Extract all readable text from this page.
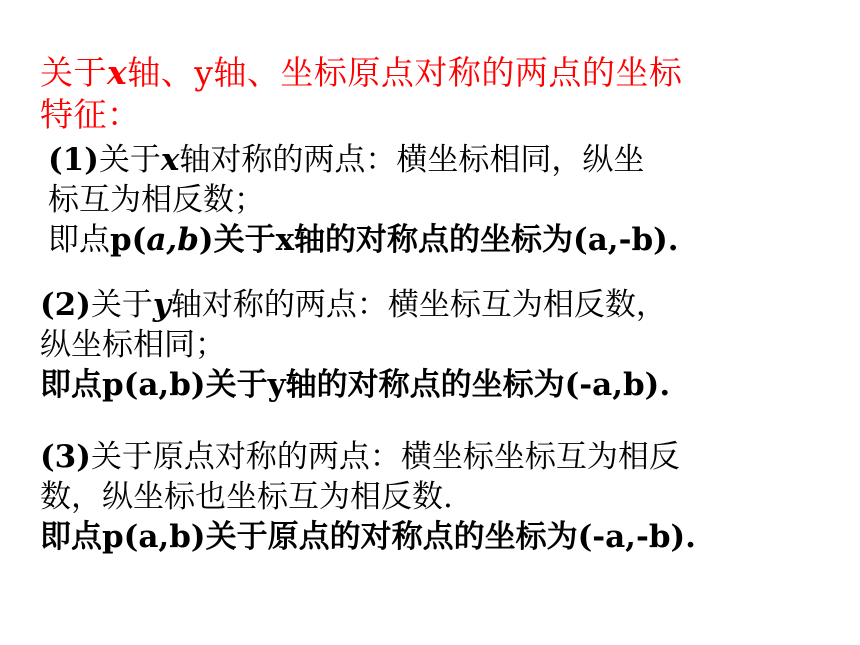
关于x轴、y轴、坐标原点对称的两点的坐标
特征：
(1)关于x轴对称的两点：横坐标相同，纵坐
标互为相反数；
即点p(a,b)关于x轴的对称点的坐标为(a,-b).
(2)关于y轴对称的两点：横坐标互为相反数，
纵坐标相同；
即点p(a,b)关于y轴的对称点的坐标为(-a,b).
(3)关于原点对称的两点：横坐标坐标互为相反
数，纵坐标也坐标互为相反数.
即点p(a,b)关于原点的对称点的坐标为(-a,-b).
